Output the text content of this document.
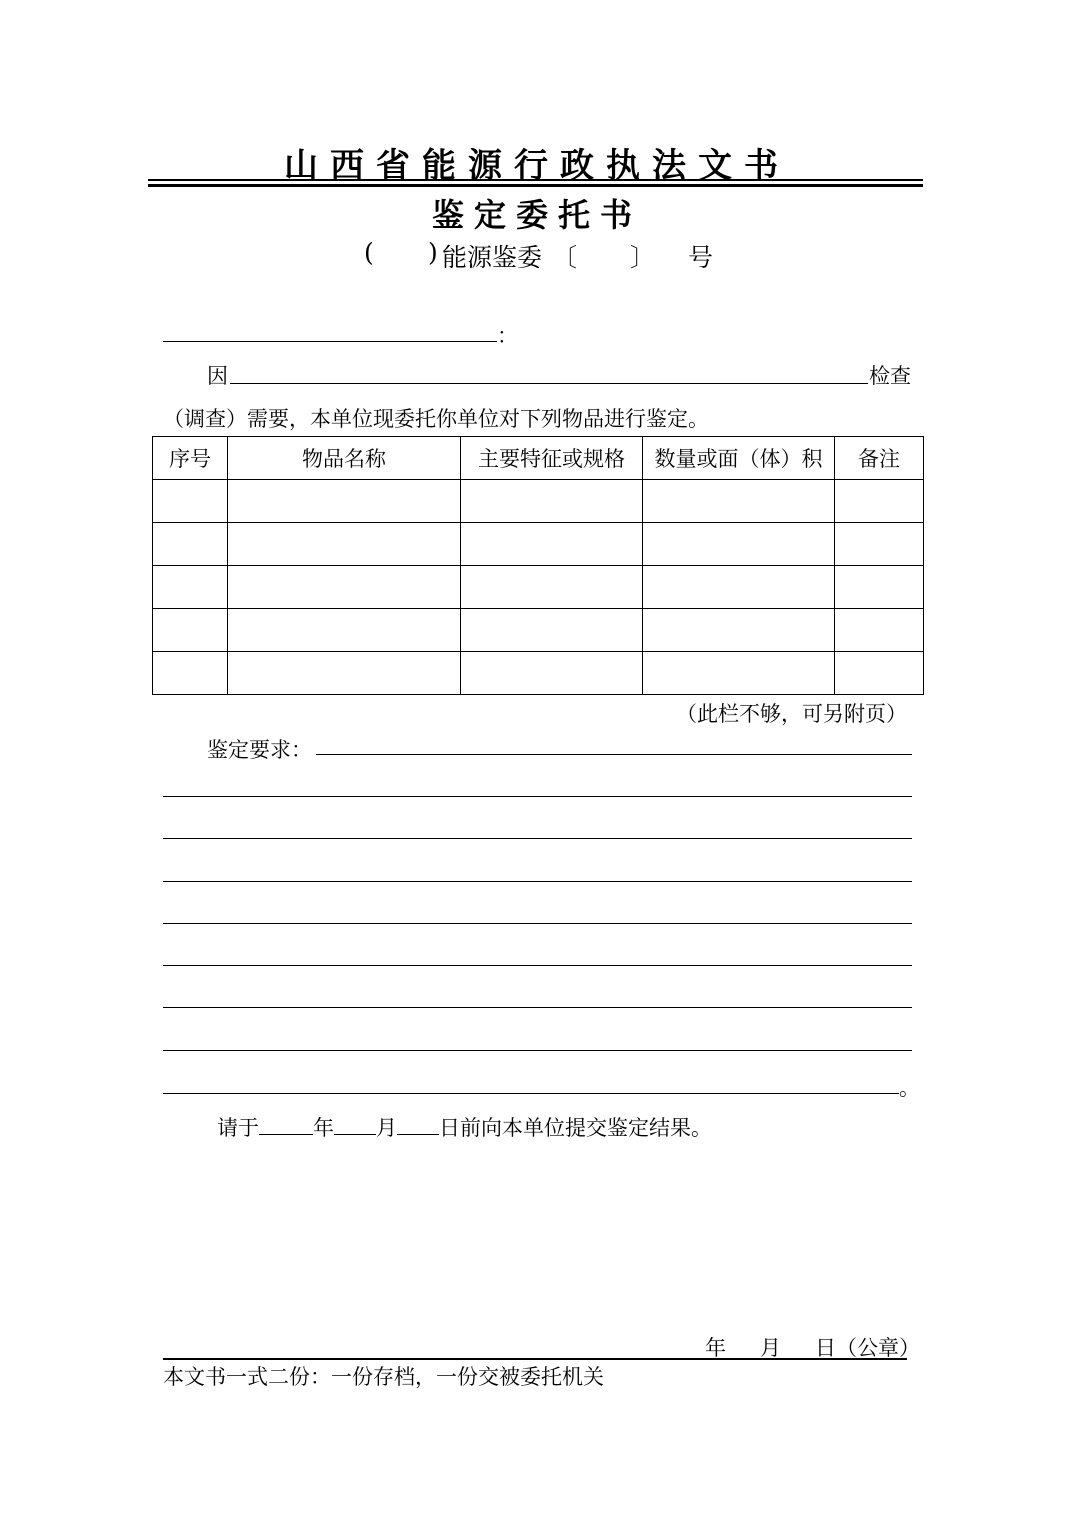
山西省能源行政执法文书
鉴定委托书
( ) 能源鉴委 〔 〕 号
：
因	检查
（调查）需要，本单位现委托你单位对下列物品进行鉴定。
序号	物品名称	主要特征或规格	数量或面（体）积	备注

（此栏不够，可另附页）
鉴定要求：
。
请于	年 月 日前向本单位提交鉴定结果。
年 月 日（公章）
本文书一式二份：一份存档，一份交被委托机关
